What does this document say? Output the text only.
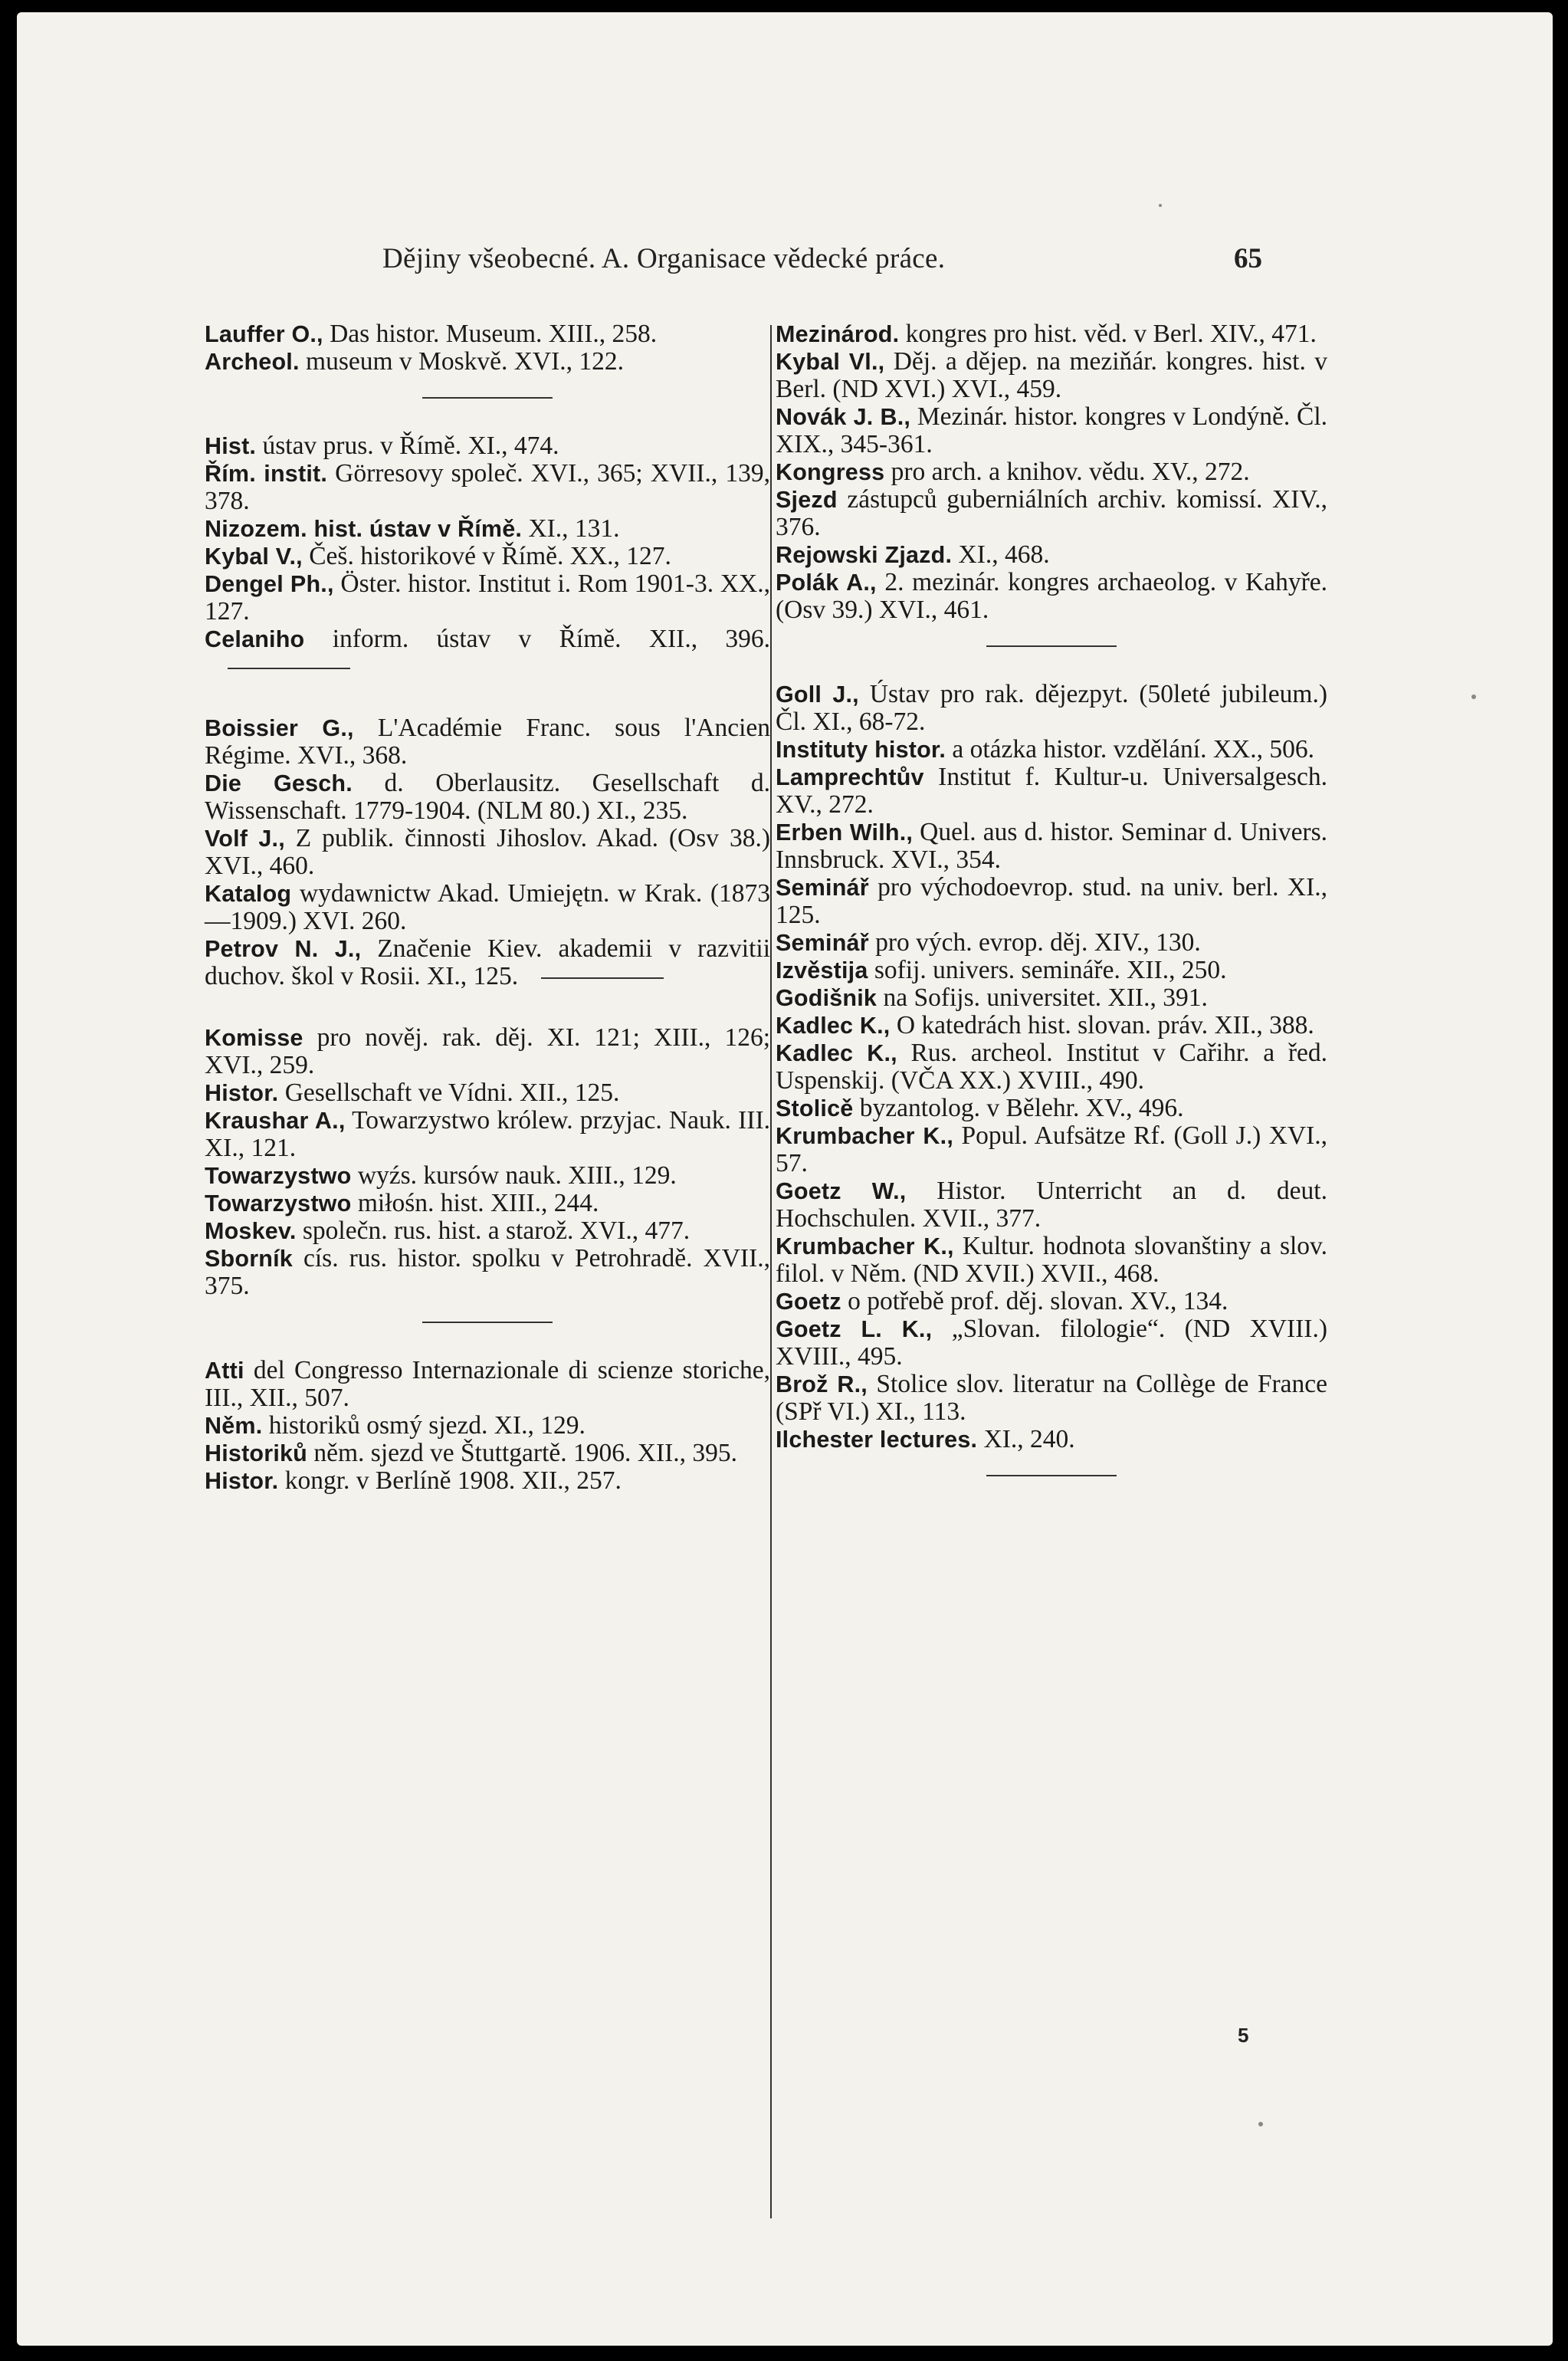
Dějiny všeobecné. A. Organisace vědecké práce.	65

Lauffer O., Das histor. Museum. XIII., 258.

Archeol. museum v Moskvě. XVI., 122.

Hist. ústav prus. v Římě. XI., 474.

Řím. instit. Görresovy společ. XVI., 365; XVII., 139, 378.

Nizozem. hist. ústav v Římě. XI., 131.

Kybal V., Češ. historikové v Římě. XX., 127.

Dengel Ph., Öster. histor. Institut i. Rom 1901-3. XX., 127.

Celaniho inform. ústav v Římě. XII., 396.

Boissier G., L'Académie Franc. sous l'Ancien Régime. XVI., 368.

Die Gesch. d. Oberlausitz. Gesellschaft d. Wissenschaft. 1779-1904. (NLM 80.) XI., 235.

Volf J., Z publik. činnosti Jihoslov. Akad. (Osv 38.) XVI., 460.

Katalog wydawnictw Akad. Umiejętn. w Krak. (1873—1909.) XVI. 260.

Petrov N. J., Značenie Kiev. akademii v razvitii duchov. škol v Rosii. XI., 125.

Komisse pro nověj. rak. děj. XI. 121; XIII., 126; XVI., 259.

Histor. Gesellschaft ve Vídni. XII., 125.

Kraushar A., Towarzystwo królew. przyjac. Nauk. III. XI., 121.

Towarzystwo wyźs. kursów nauk. XIII., 129.

Towarzystwo miłośn. hist. XIII., 244.

Moskev. společn. rus. hist. a starož. XVI., 477.

Sborník cís. rus. histor. spolku v Petrohradě. XVII., 375.

Atti del Congresso Internazionale di scienze storiche, III., XII., 507.

Něm. historiků osmý sjezd. XI., 129.

Historiků něm. sjezd ve Štuttgartě. 1906. XII., 395.

Histor. kongr. v Berlíně 1908. XII., 257.

Mezinárod. kongres pro hist. věd. v Berl. XIV., 471.

Kybal Vl., Děj. a dějep. na meziňár. kongres. hist. v Berl. (ND XVI.) XVI., 459.

Novák J. B., Mezinár. histor. kongres v Londýně. Čl. XIX., 345-361.

Kongress pro arch. a knihov. vědu. XV., 272.

Sjezd zástupců guberniálních archiv. komissí. XIV., 376.

Rejowski Zjazd. XI., 468.

Polák A., 2. mezinár. kongres archaeolog. v Kahyře. (Osv 39.) XVI., 461.

Goll J., Ústav pro rak. dějezpyt. (50leté jubileum.) Čl. XI., 68-72.

Instituty histor. a otázka histor. vzdělání. XX., 506.

Lamprechtův Institut f. Kultur-u. Universalgesch. XV., 272.

Erben Wilh., Quel. aus d. histor. Seminar d. Univers. Innsbruck. XVI., 354.

Seminář pro východoevrop. stud. na univ. berl. XI., 125.

Seminář pro vých. evrop. děj. XIV., 130.

Izvěstija sofij. univers. semináře. XII., 250.

Godišnik na Sofijs. universitet. XII., 391.

Kadlec K., O katedrách hist. slovan. práv. XII., 388.

Kadlec K., Rus. archeol. Institut v Cařihr. a řed. Uspenskij. (VČA XX.) XVIII., 490.

Stolicě byzantolog. v Bělehr. XV., 496.

Krumbacher K., Popul. Aufsätze Rf. (Goll J.) XVI., 57.

Goetz W., Histor. Unterricht an d. deut. Hochschulen. XVII., 377.

Krumbacher K., Kultur. hodnota slovanštiny a slov. filol. v Něm. (ND XVII.) XVII., 468.

Goetz o potřebě prof. děj. slovan. XV., 134.

Goetz L. K., „Slovan. filologie“. (ND XVIII.) XVIII., 495.

Brož R., Stolice slov. literatur na Collège de France (SPř VI.) XI., 113.

Ilchester lectures. XI., 240.

5
